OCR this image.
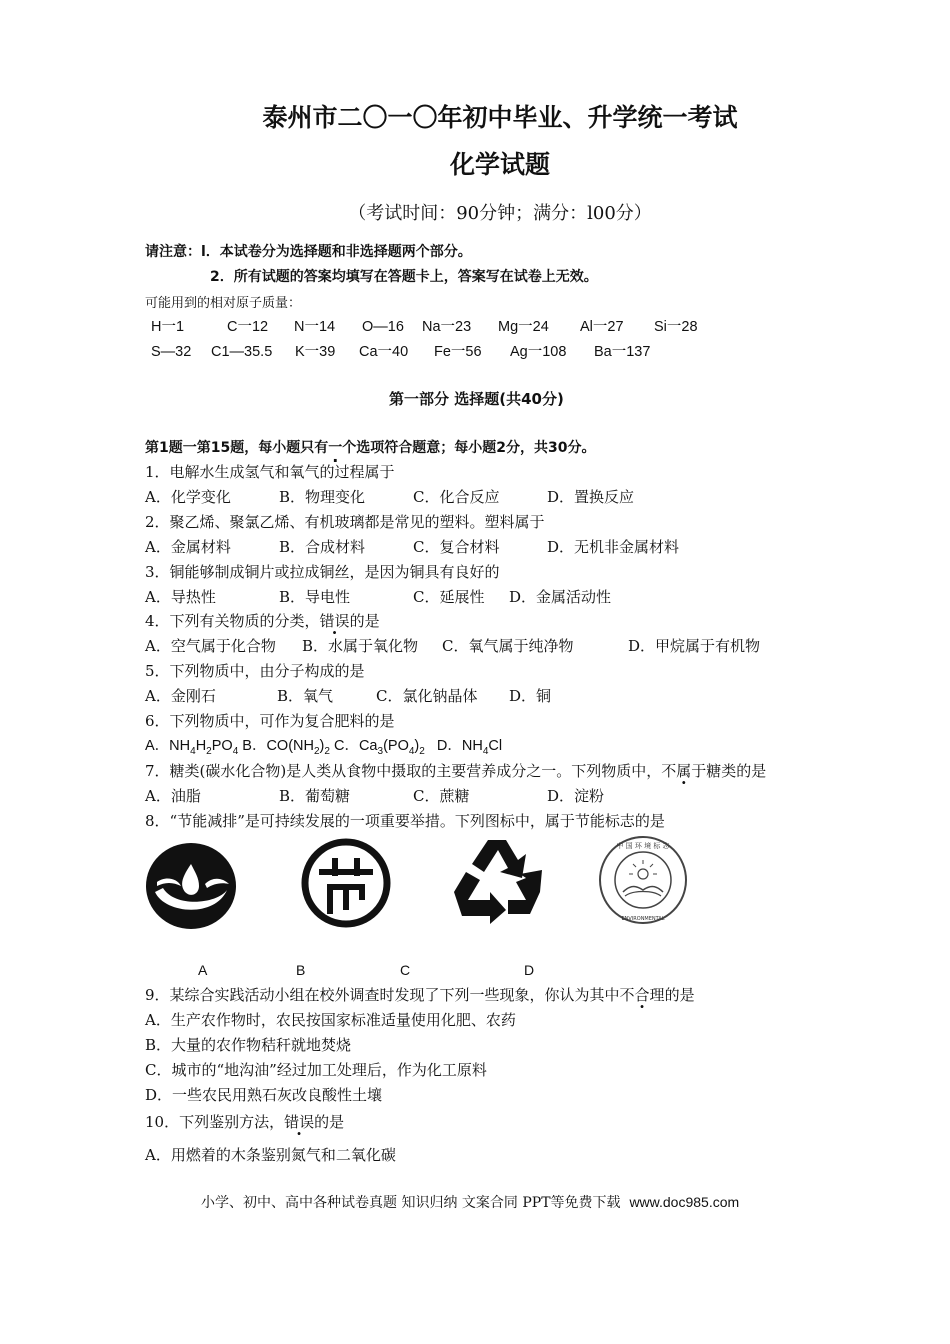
泰州市二〇一〇年初中毕业、升学统一考试
化学试题
（考试时间：90分钟；满分：l00分）
请注意：l．本试卷分为选择题和非选择题两个部分。
2．所有试题的答案均填写在答题卡上，答案写在试卷上无效。
可能用到的相对原子质量：
H一1	C一12 N一14 O—16 Na一23 Mg一24 Al一27 Si一28
S—32 C1—35.5 K一39 Ca一40 Fe一56 Ag一108 Ba一137
第一部分 选择题(共40分)
第1题一第15题，每小题只有一个选项符合题意；每小题2分，共30分。
1．电解水生成氢气和氧气的过程属于
A．化学变化	B．物理变化	C．化合反应	D．置换反应
2．聚乙烯、聚氯乙烯、有机玻璃都是常见的塑料。塑料属于
A．金属材料	B．合成材料	C．复合材料	D．无机非金属材料
3．铜能够制成铜片或拉成铜丝，是因为铜具有良好的
A．导热性	B．导电性	C．延展性 D．金属活动性
4．下列有关物质的分类，错误的是
A．空气属于化合物 B．水属于氧化物 C．氧气属于纯净物	D．甲烷属于有机物
5．下列物质中，由分子构成的是
A．金刚石	B．氧气	C．氯化钠晶体 D．铜
6．下列物质中，可作为复合肥料的是
A．$NH_4H_2PO_4$ B．$CO(NH_2)_2$ C．$Ca_3(PO_4)_2$ D．$NH_4Cl$
7．糖类(碳水化合物)是人类从食物中摄取的主要营养成分之一。下列物质中，不属于糖类的是
A．油脂	B．葡萄糖	C．蔗糖	D．淀粉
8．“节能减排”是可持续发展的一项重要举措。下列图标中，属于节能标志的是
中 国 环 境 标 志
ENVIRONMENTAL
A	B	C	D
9．某综合实践活动小组在校外调查时发现了下列一些现象，你认为其中不合理的是
A．生产农作物时，农民按国家标准适量使用化肥、农药
B．大量的农作物秸秆就地焚烧
C．城市的“地沟油”经过加工处理后，作为化工原料
D．一些农民用熟石灰改良酸性土壤
10．下列鉴别方法，错误的是
A．用燃着的木条鉴别氮气和二氧化碳
小学、初中、高中各种试卷真题 知识归纳 文案合同 PPT等免费下载 www.doc985.com
